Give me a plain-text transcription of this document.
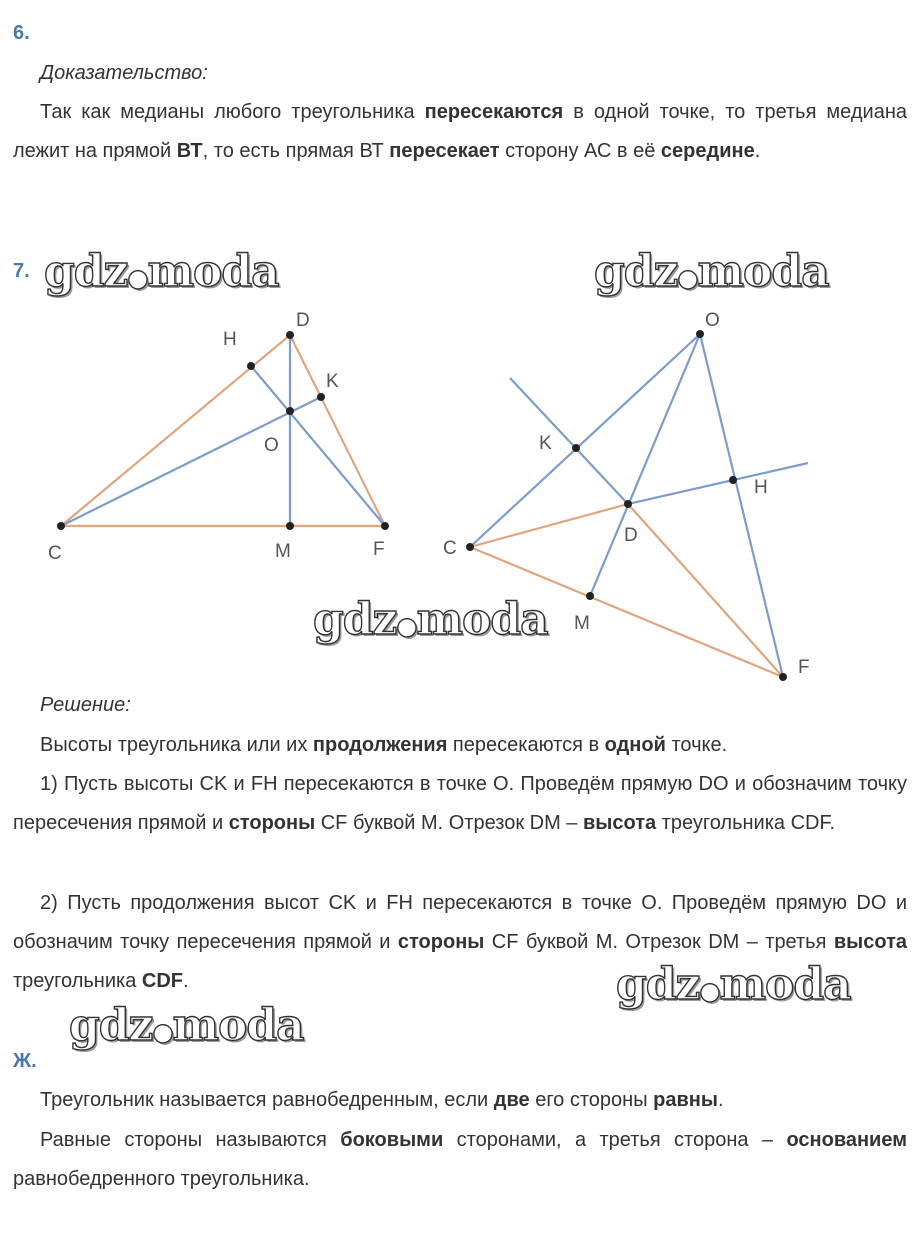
6.
Доказательство:

Так как медианы любого треугольника пересекаются в одной точке, то третья медиана лежит на прямой ВТ, то есть прямая ВТ пересекает сторону АС в её середине.

7.
H
D
K
O
C	M	F
O
K
H
D
C
M
F
Решение:

Высоты треугольника или их продолжения пересекаются в одной точке.

1) Пусть высоты CK и FH пересекаются в точке O. Проведём прямую DO и обозначим точку пересечения прямой и стороны CF буквой M. Отрезок DM – высота треугольника CDF.

2) Пусть продолжения высот CK и FH пересекаются в точке O. Проведём прямую DO и обозначим точку пересечения прямой и стороны CF буквой M. Отрезок DM – третья высота треугольника CDF.

Ж.

Треугольник называется равнобедренным, если две его стороны равны.

Равные стороны называются боковыми сторонами, а третья сторона – основанием равнобедренного треугольника.

gdz●moda	gdz●moda
gdz●moda
gdz●moda
gdz●moda
